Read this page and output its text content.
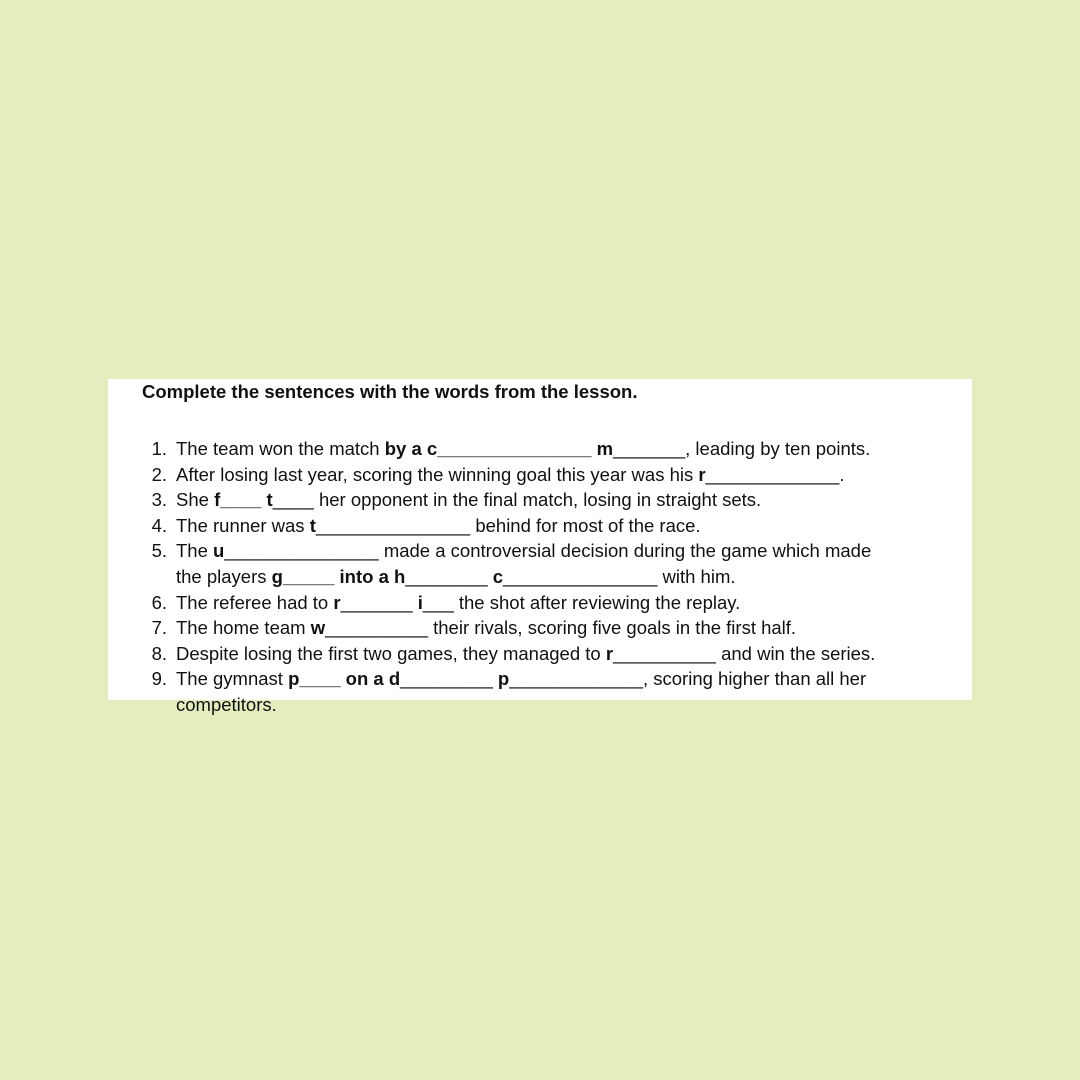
Complete the sentences with the words from the lesson.
1. The team won the match by a c_______________ m_______, leading by ten points.
2. After losing last year, scoring the winning goal this year was his r_____________.
3. She f____ t____ her opponent in the final match, losing in straight sets.
4. The runner was t_______________ behind for most of the race.
5. The u_______________ made a controversial decision during the game which made
the players g_____ into a h________ c_______________ with him.
6. The referee had to r_______ i___ the shot after reviewing the replay.
7. The home team w__________ their rivals, scoring five goals in the first half.
8. Despite losing the first two games, they managed to r__________ and win the series.
9. The gymnast p____ on a d_________ p_____________, scoring higher than all her
competitors.
